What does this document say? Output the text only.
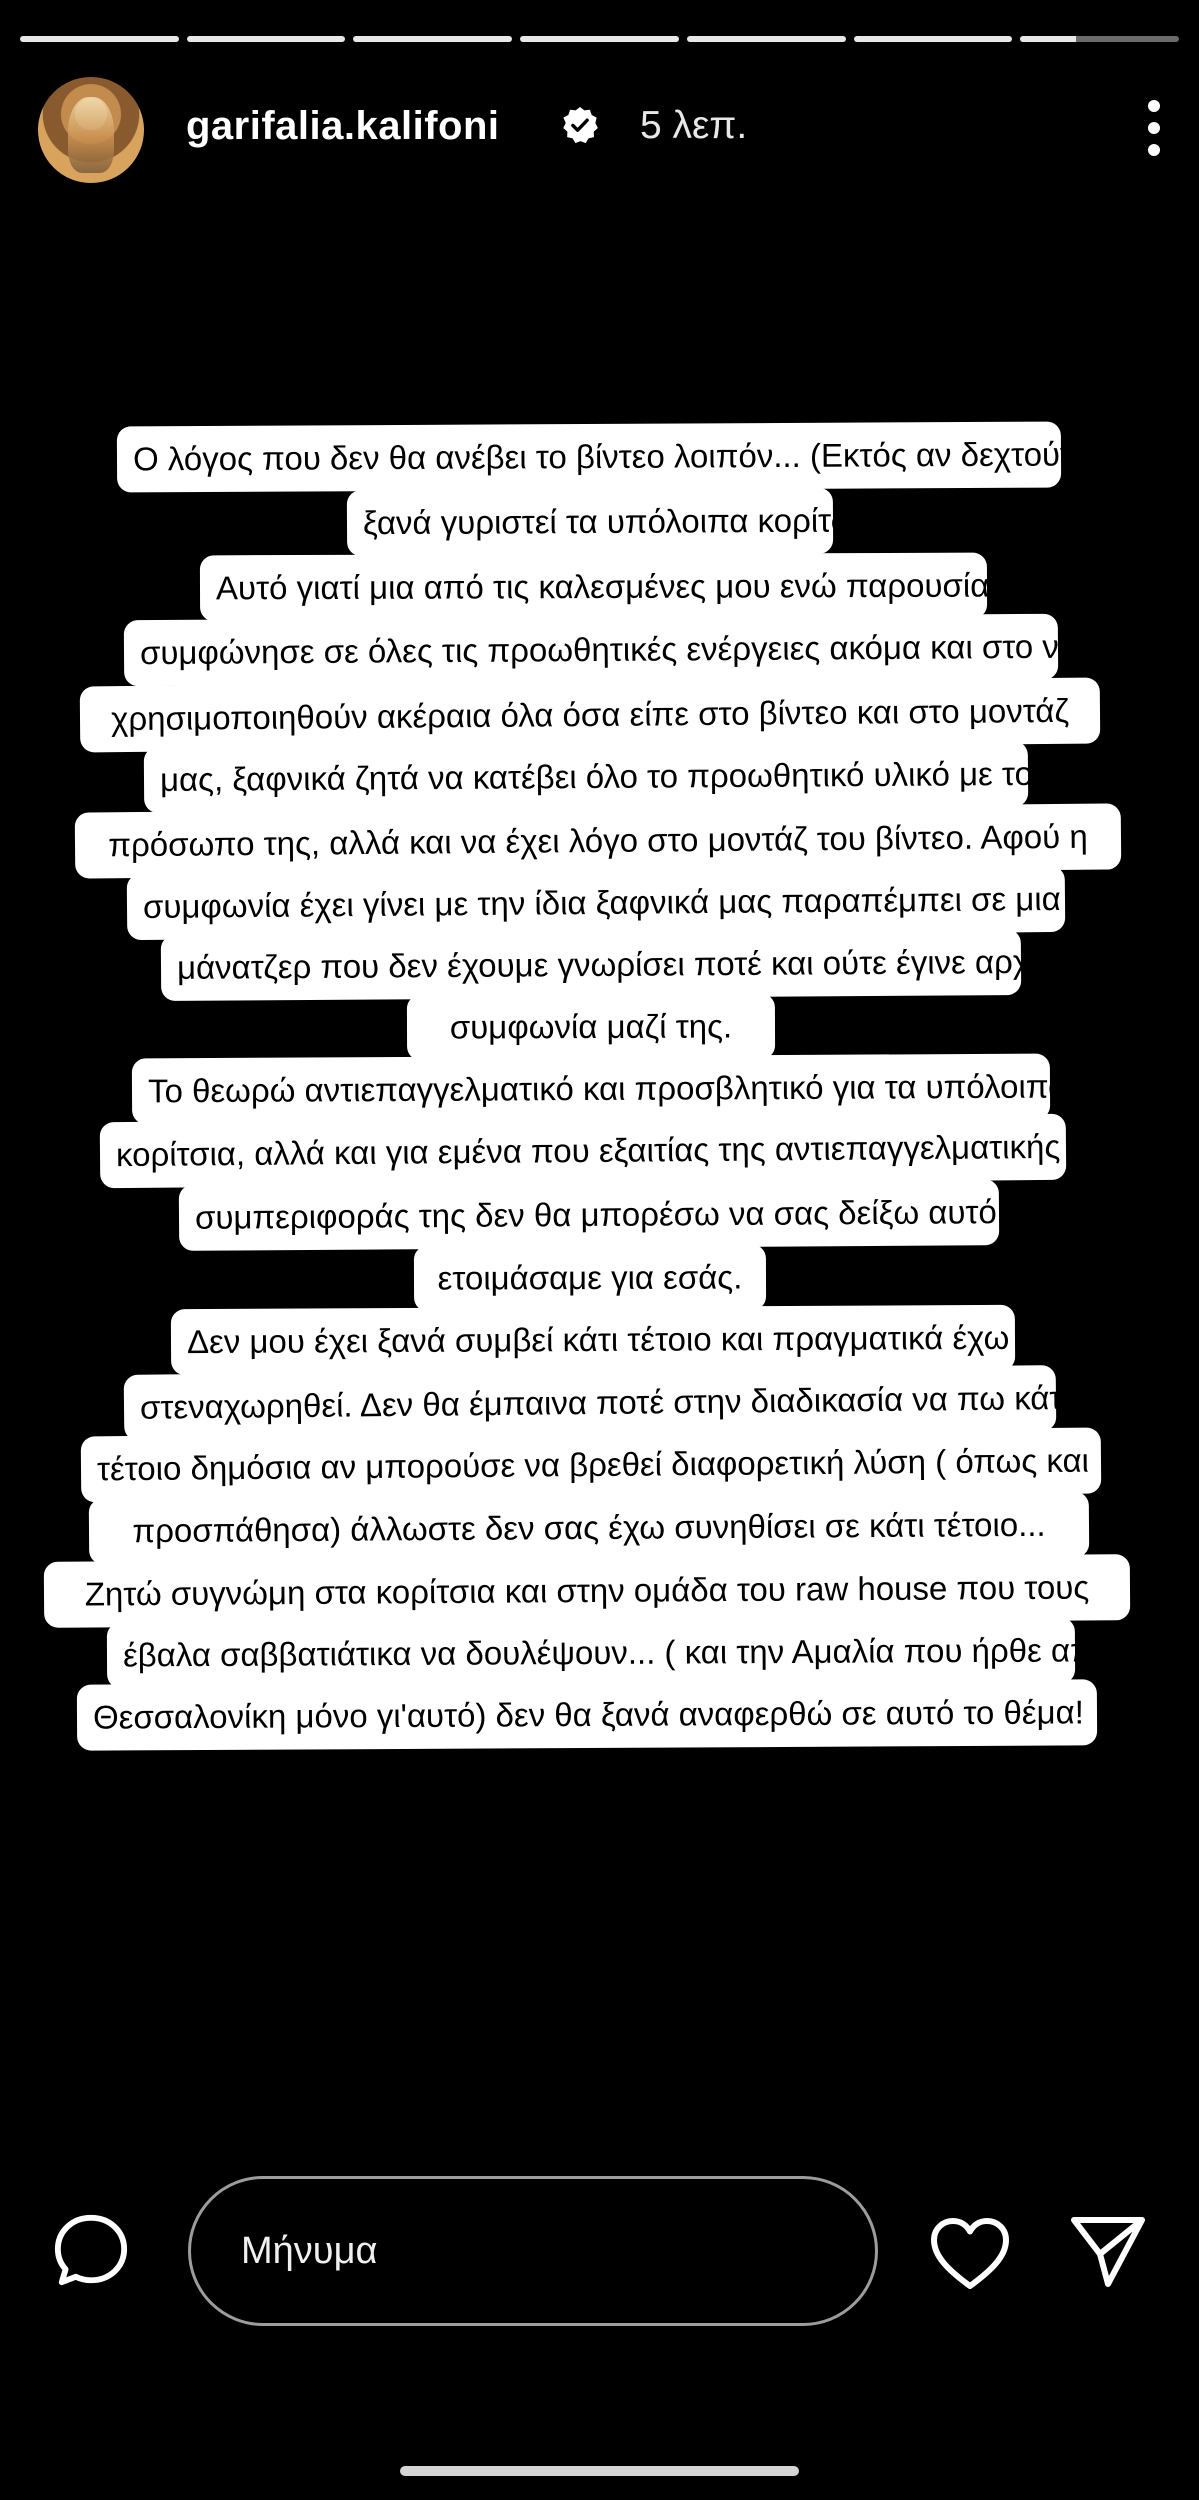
garifalia.kalifoni	5 λεπ.
Ο λόγος που δεν θα ανέβει το βίντεο λοιπόν... (Εκτός αν δεχτούν να
ξανά γυριστεί τα υπόλοιπα κορίτσια)
Αυτό γιατί μια από τις καλεσμένες μου ενώ παρουσία όλων
συμφώνησε σε όλες τις προωθητικές ενέργειες ακόμα και στο να
χρησιμοποιηθούν ακέραια όλα όσα είπε στο βίντεο και στο μοντάζ
μας, ξαφνικά ζητά να κατέβει όλο το προωθητικό υλικό με το
πρόσωπο της, αλλά και να έχει λόγο στο μοντάζ του βίντεο. Αφού η
συμφωνία έχει γίνει με την ίδια ξαφνικά μας παραπέμπει σε μια
μάνατζερ που δεν έχουμε γνωρίσει ποτέ και ούτε έγινε αρχική
συμφωνία μαζί της.
Το θεωρώ αντιεπαγγελματικό και προσβλητικό για τα υπόλοιπα
κορίτσια, αλλά και για εμένα που εξαιτίας της αντιεπαγγελματικής
συμπεριφοράς της δεν θα μπορέσω να σας δείξω αυτό που
ετοιμάσαμε για εσάς.
Δεν μου έχει ξανά συμβεί κάτι τέτοιο και πραγματικά έχω
στεναχωρηθεί. Δεν θα έμπαινα ποτέ στην διαδικασία να πω κάτι
τέτοιο δημόσια αν μπορούσε να βρεθεί διαφορετική λύση ( όπως και
προσπάθησα) άλλωστε δεν σας έχω συνηθίσει σε κάτι τέτοιο...
Ζητώ συγνώμη στα κορίτσια και στην ομάδα του raw house που τους
έβαλα σαββατιάτικα να δουλέψουν... ( και την Αμαλία που ήρθε από
Θεσσαλονίκη μόνο γι'αυτό) δεν θα ξανά αναφερθώ σε αυτό το θέμα!
Μήνυμα
